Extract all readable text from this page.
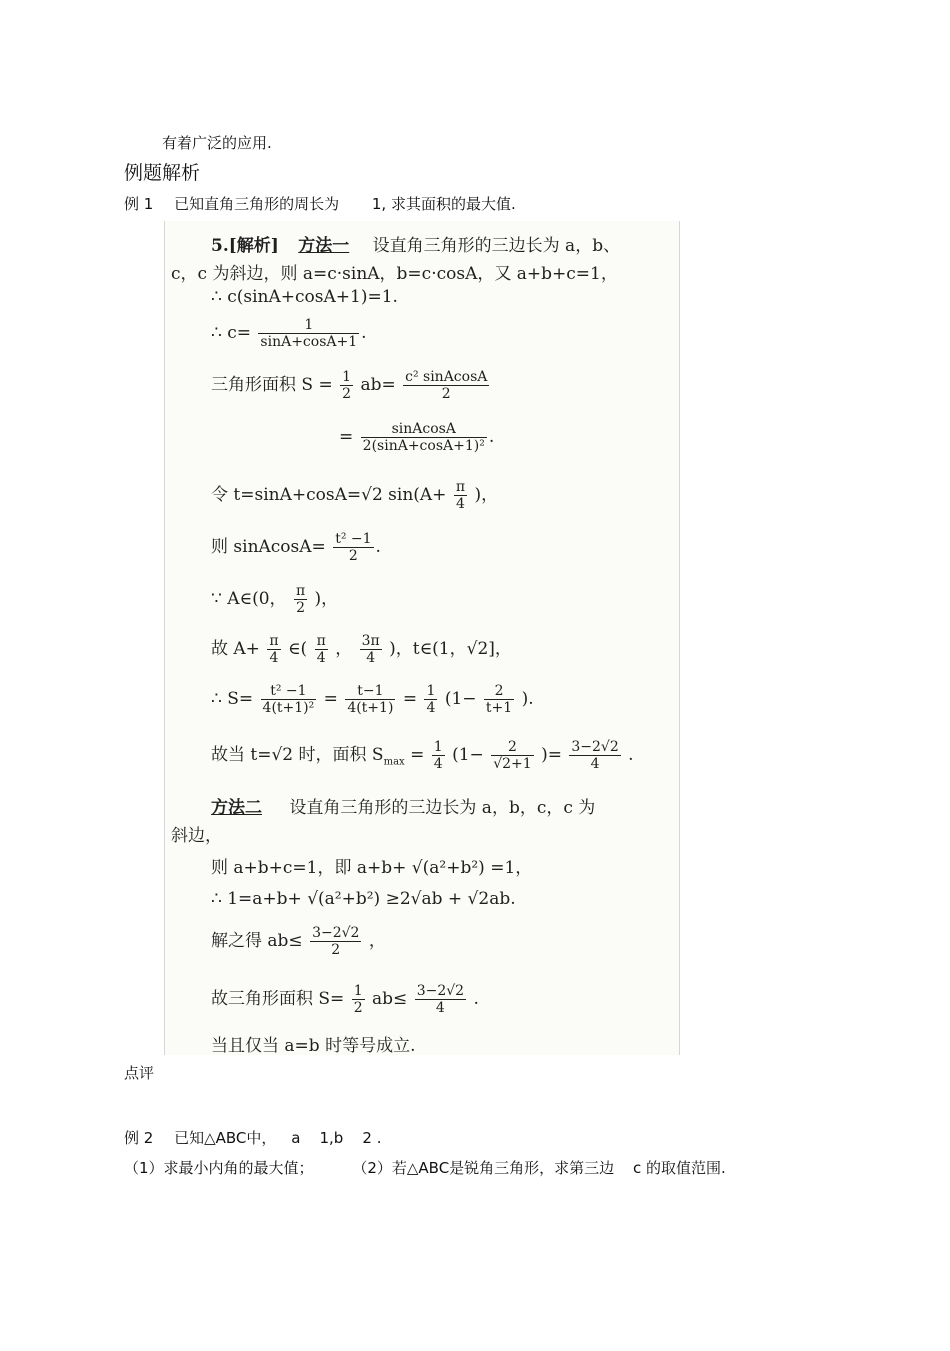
有着广泛的应用.
例题解析
例 1 已知直角三角形的周长为 1, 求其面积的最大值.
5.[解析] 方法一 设直角三角形的三边长为 a，b、
c，c 为斜边，则 a=c·sinA，b=c·cosA，又 a+b+c=1，
∴ c(sinA+cosA+1)=1.
∴ $c= \frac{1}{\sin A+\cos A+1}$ .
三角形面积 $S = \frac{1}{2} ab= \frac{\text{c² sinAcosA}}{2}$
= $\frac{\text{sinAcosA}}{\text{2(sinA+cosA+1)²}}$ .
令 t=sinA+cosA=√2 $\sin(A+ \frac{\pi}{4}$ )，
则 sinAcosA= $\frac{\text{t² −1}}{2}$ .
∵ A∈(0， $\frac{\pi}{2}$ )，
故 $A+ \frac{\pi}{4}$ ∈( $\frac{\pi}{4}$ ， $\frac{3\pi}{4}$ )，t∈(1，√2]，
∴ $S= \frac{\text{t² −1}}{\text{4(t+1)²}} = \frac{t-1}{4(t+1)} = \frac{1}{4} (1- \frac{2}{t+1}$ ).
故当 t=√2 时，面积 $S_{max} = \frac{1}{4} (1- \frac{2}{√2+1}$ )= $\frac{3-2√2}{4}$ .
方法二 设直角三角形的三边长为 a，b，c，c 为
斜边，
则 a+b+c=1，即 a+b+ √(a²+b²) =1，
∴ 1=a+b+ √(a²+b²) ≥2√ab + √2ab.
解之得 $ab\le \frac{3-2√2}{2}$ ，
故三角形面积 $S= \frac{1}{2} ab\le \frac{3-2√2}{4}$ .
当且仅当 a=b 时等号成立.
点评
例 2 已知△ABC中， a    1,b    2 .
（1）求最小内角的最大值；	（2）若△ABC是锐角三角形，求第三边 c 的取值范围.
